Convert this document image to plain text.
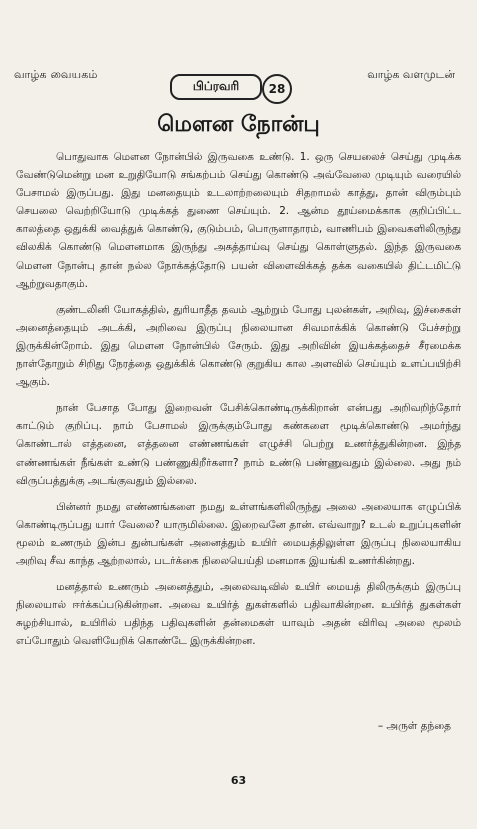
வாழ்க வையகம்
பிப்ரவரி 28
வாழ்க வளமுடன்
மௌன நோன்பு

பொதுவாக மௌன நோன்பில் இருவகை உண்டு. 1. ஒரு செயலைச் செய்து முடிக்க வேண்டுமென்று மன உறுதியோடு சங்கற்பம் செய்து கொண்டு அவ்வேலை முடியும் வரையில் பேசாமல் இருப்பது. இது மனதையும் உடலாற்றலையும் சிதறாமல் காத்து, தான் விரும்பும் செயலை வெற்றியோடு முடிக்கத் துணை செய்யும். 2. ஆன்ம தூய்மைக்காக குறிப்பிட்ட காலத்தை ஒதுக்கி வைத்துக் கொண்டு, குடும்பம், பொருளாதாரம், வாணிபம் இவைகளிலிருந்து விலகிக் கொண்டு மௌனமாக இருந்து அகத்தாய்வு செய்து கொள்ளுதல். இந்த இருவகை மௌன நோன்பு தான் நல்ல நோக்கத்தோடு பயன் விளைவிக்கத் தக்க வகையில் திட்டமிட்டு ஆற்றுவதாகும்.

குண்டலினி யோகத்தில், துரியாதீத தவம் ஆற்றும் போது புலன்கள், அறிவு, இச்சைகள் அனைத்தையும் அடக்கி, அறிவை இருப்பு நிலையான சிவமாக்கிக் கொண்டு பேச்சற்று இருக்கின்றோம். இது மௌன நோன்பில் சேரும். இது அறிவின் இயக்கத்தைச் சீரமைக்க நாள்தோறும் சிறிது நேரத்தை ஒதுக்கிக் கொண்டு குறுகிய கால அளவில் செய்யும் உளப்பயிற்சி ஆகும்.

நான் பேசாத போது இறைவன் பேசிக்கொண்டிருக்கிறான் என்பது அறிவறிந்தோர் காட்டும் குறிப்பு. நாம் பேசாமல் இருக்கும்போது கண்களை மூடிக்கொண்டு அமர்ந்து கொண்டால் எத்தனை, எத்தனை எண்ணங்கள் எழுச்சி பெற்று உணர்த்துகின்றன. இந்த எண்ணங்கள் நீங்கள் உண்டு பண்ணுகிறீர்களா? நாம் உண்டு பண்ணுவதும் இல்லை. அது நம் விருப்பத்துக்கு அடங்குவதும் இல்லை.

பின்னர் நமது எண்ணங்களை நமது உள்ளங்களிலிருந்து அலை அலையாக எழுப்பிக் கொண்டிருப்பது யார் வேலை? யாருமில்லை. இறைவனே தான். எவ்வாறு? உடல் உறுப்புகளின் மூலம் உணரும் இன்ப துன்பங்கள் அனைத்தும் உயிர் மையத்திலுள்ள இருப்பு நிலையாகிய அறிவு சீவ காந்த ஆற்றலால், படர்க்கை நிலையெய்தி மனமாக இயங்கி உணர்கின்றது.

மனத்தால் உணரும் அனைத்தும், அலைவடிவில் உயிர் மையத் திலிருக்கும் இருப்பு நிலையால் ஈர்க்கப்படுகின்றன. அவை உயிர்த் துகள்களில் பதிவாகின்றன. உயிர்த் துகள்கள் சுழற்சியால், உயிரில் பதிந்த பதிவுகளின் தன்மைகள் யாவும் அதன் விரிவு அலை மூலம் எப்போதும் வெளியேறிக் கொண்டே இருக்கின்றன.

– அருள் தந்தை
63
